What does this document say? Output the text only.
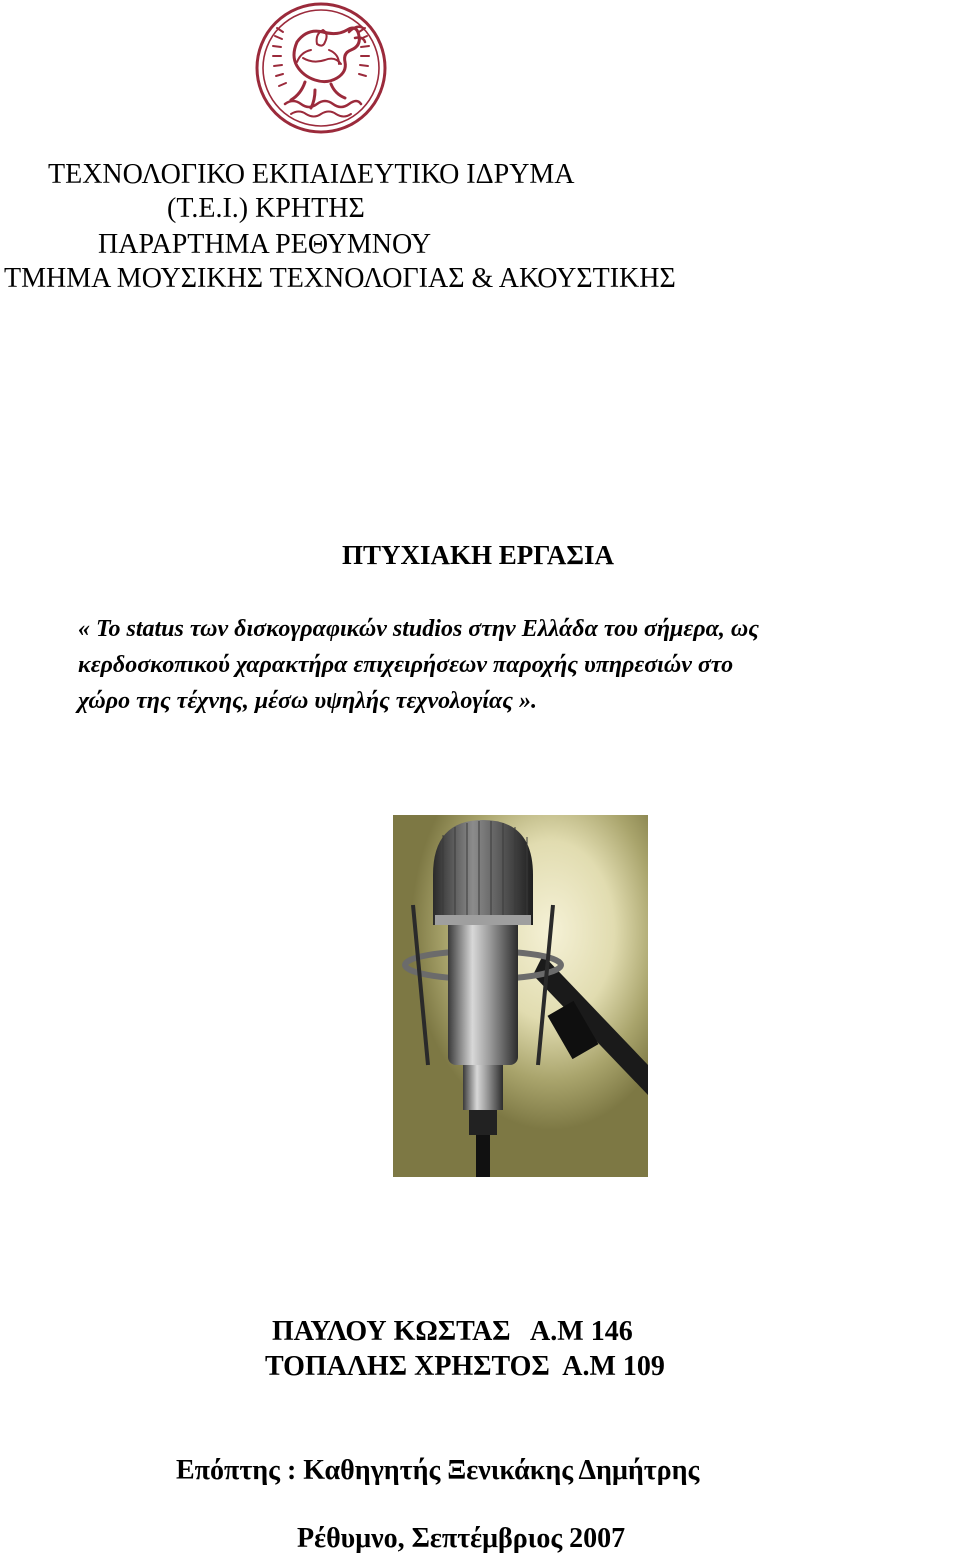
ΤΕΧΝΟΛΟΓΙΚΟ ΕΚΠΑΙΔΕΥΤΙΚΟ ΙΔΡΥΜΑ
(Τ.Ε.Ι.) ΚΡΗΤΗΣ
ΠΑΡΑΡΤΗΜΑ ΡΕΘΥΜΝΟΥ
ΤΜΗΜΑ ΜΟΥΣΙΚΗΣ ΤΕΧΝΟΛΟΓΙΑΣ & ΑΚΟΥΣΤΙΚΗΣ
ΠΤΥΧΙΑΚΗ ΕΡΓΑΣΙΑ
« Το status των δισκογραφικών studios στην Ελλάδα του σήμερα, ως
κερδοσκοπικού χαρακτήρα επιχειρήσεων παροχής υπηρεσιών στο
χώρο της τέχνης, μέσω υψηλής τεχνολογίας ».
ΠΑΥΛΟΥ ΚΩΣΤΑΣ   Α.Μ 146
ΤΟΠΑΛΗΣ ΧΡΗΣΤΟΣ  Α.Μ 109
Επόπτης : Καθηγητής Ξενικάκης Δημήτρης
Ρέθυμνο, Σεπτέμβριος 2007
